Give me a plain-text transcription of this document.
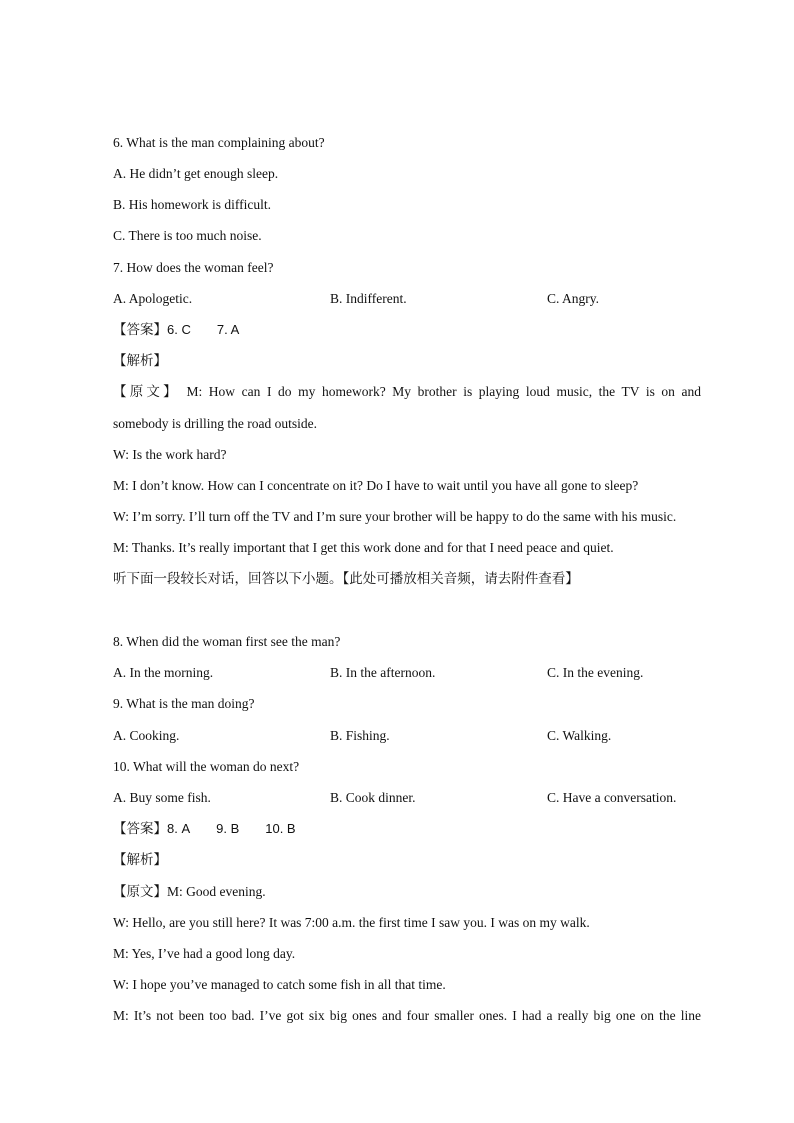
6. What is the man complaining about?
A. He didn’t get enough sleep.
B. His homework is difficult.
C. There is too much noise.
7. How does the woman feel?
A. Apologetic.	B. Indifferent.	C. Angry.
【答案】6. C 7. A
【解析】
【原文】 M: How can I do my homework? My brother is playing loud music, the TV is on and
somebody is drilling the road outside.
W: Is the work hard?
M: I don’t know. How can I concentrate on it? Do I have to wait until you have all gone to sleep?
W: I’m sorry. I’ll turn off the TV and I’m sure your brother will be happy to do the same with his music.
M: Thanks. It’s really important that I get this work done and for that I need peace and quiet.
听下面一段较长对话，回答以下小题。【此处可播放相关音频，请去附件查看】
8. When did the woman first see the man?
A. In the morning.	B. In the afternoon.	C. In the evening.
9. What is the man doing?
A. Cooking.	B. Fishing.	C. Walking.
10. What will the woman do next?
A. Buy some fish.	B. Cook dinner.	C. Have a conversation.
【答案】8. A 9. B 10. B
【解析】
【原文】M: Good evening.
W: Hello, are you still here? It was 7:00 a.m. the first time I saw you. I was on my walk.
M: Yes, I’ve had a good long day.
W: I hope you’ve managed to catch some fish in all that time.
M: It’s not been too bad. I’ve got six big ones and four smaller ones. I had a really big one on the line
